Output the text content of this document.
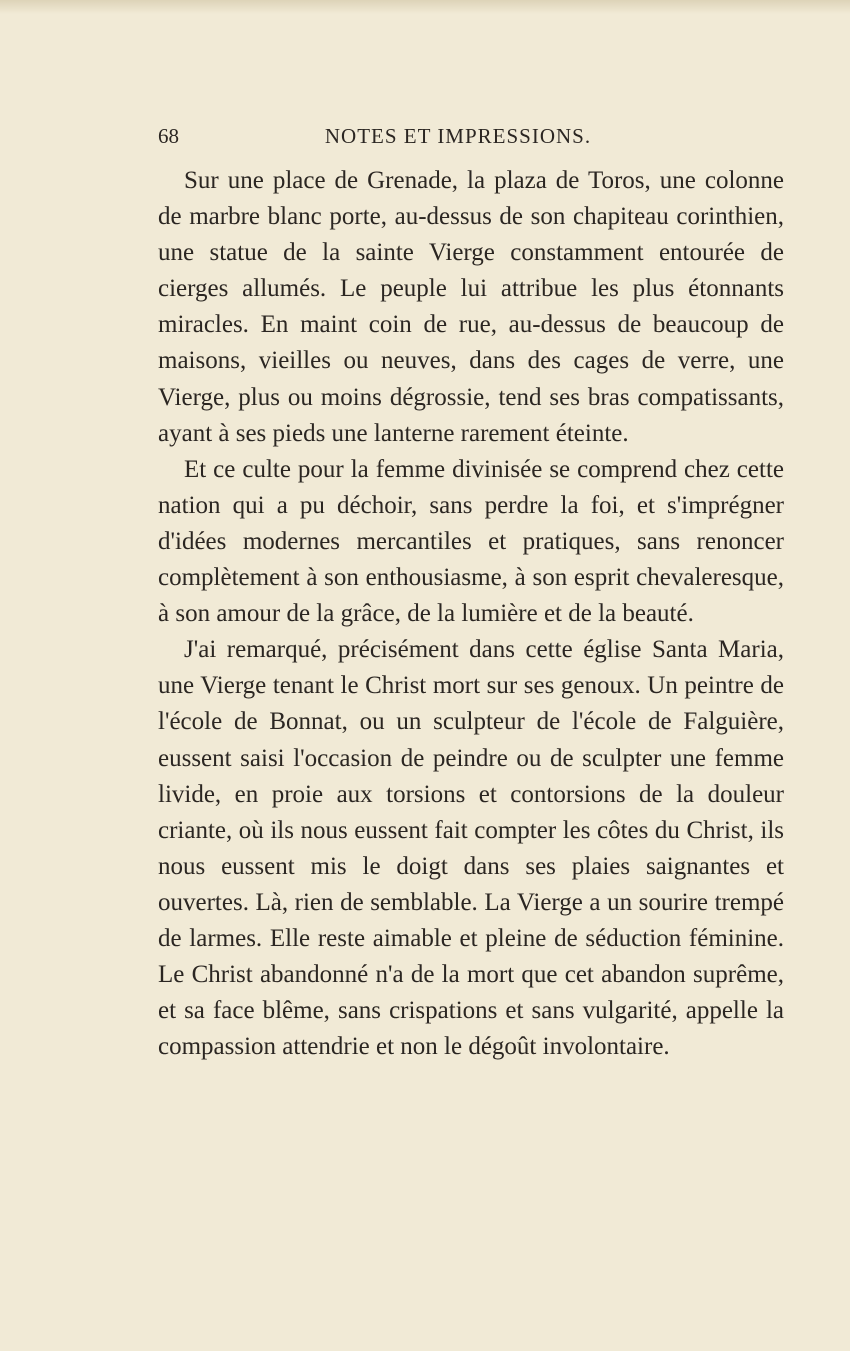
68	NOTES ET IMPRESSIONS.

Sur une place de Grenade, la plaza de Toros, une colonne de marbre blanc porte, au-dessus de son chapiteau corinthien, une statue de la sainte Vierge constamment entourée de cierges allumés. Le peuple lui attribue les plus étonnants miracles. En maint coin de rue, au-dessus de beaucoup de maisons, vieilles ou neuves, dans des cages de verre, une Vierge, plus ou moins dégrossie, tend ses bras compatissants, ayant à ses pieds une lanterne rarement éteinte.

Et ce culte pour la femme divinisée se comprend chez cette nation qui a pu déchoir, sans perdre la foi, et s'imprégner d'idées modernes mercantiles et pratiques, sans renoncer complètement à son enthousiasme, à son esprit chevaleresque, à son amour de la grâce, de la lumière et de la beauté.

J'ai remarqué, précisément dans cette église Santa Maria, une Vierge tenant le Christ mort sur ses genoux. Un peintre de l'école de Bonnat, ou un sculpteur de l'école de Falguière, eussent saisi l'occasion de peindre ou de sculpter une femme livide, en proie aux torsions et contorsions de la douleur criante, où ils nous eussent fait compter les côtes du Christ, ils nous eussent mis le doigt dans ses plaies saignantes et ouvertes. Là, rien de semblable. La Vierge a un sourire trempé de larmes. Elle reste aimable et pleine de séduction féminine. Le Christ abandonné n'a de la mort que cet abandon suprême, et sa face blême, sans crispations et sans vulgarité, appelle la compassion attendrie et non le dégoût involontaire.
